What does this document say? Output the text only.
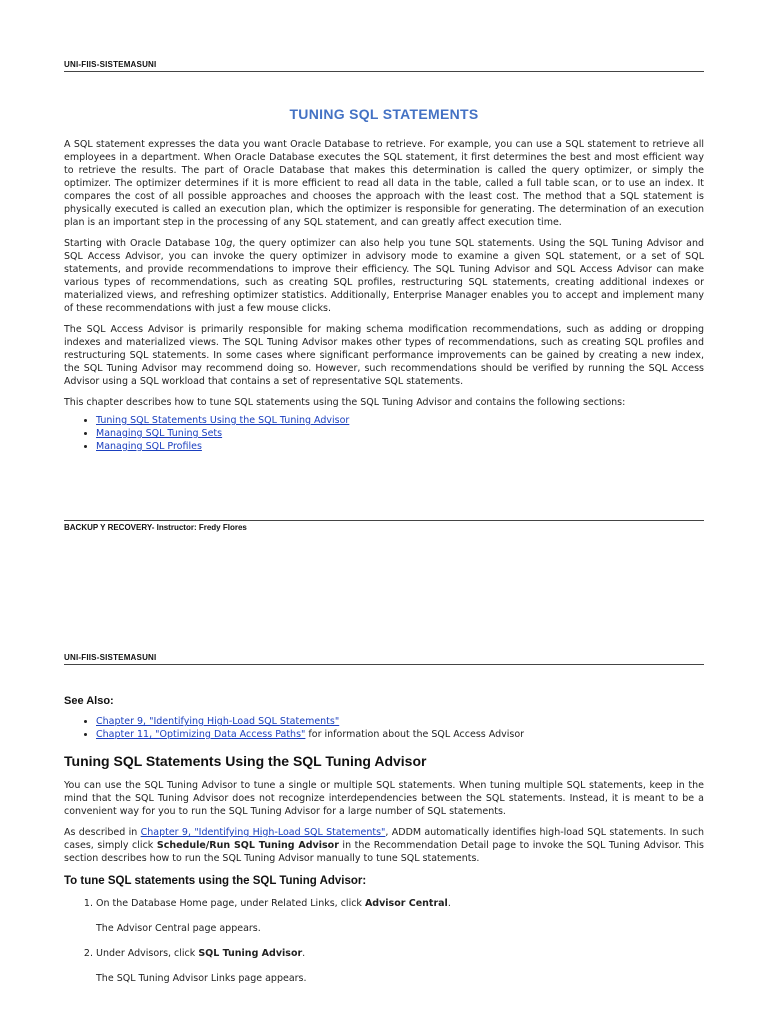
UNI-FIIS-SISTEMASUNI
TUNING SQL STATEMENTS

A SQL statement expresses the data you want Oracle Database to retrieve. For example, you can use a SQL statement to retrieve all employees in a department. When Oracle Database executes the SQL statement, it first determines the best and most efficient way to retrieve the results. The part of Oracle Database that makes this determination is called the query optimizer, or simply the optimizer. The optimizer determines if it is more efficient to read all data in the table, called a full table scan, or to use an index. It compares the cost of all possible approaches and chooses the approach with the least cost. The method that a SQL statement is physically executed is called an execution plan, which the optimizer is responsible for generating. The determination of an execution plan is an important step in the processing of any SQL statement, and can greatly affect execution time.

Starting with Oracle Database 10g, the query optimizer can also help you tune SQL statements. Using the SQL Tuning Advisor and SQL Access Advisor, you can invoke the query optimizer in advisory mode to examine a given SQL statement, or a set of SQL statements, and provide recommendations to improve their efficiency. The SQL Tuning Advisor and SQL Access Advisor can make various types of recommendations, such as creating SQL profiles, restructuring SQL statements, creating additional indexes or materialized views, and refreshing optimizer statistics. Additionally, Enterprise Manager enables you to accept and implement many of these recommendations with just a few mouse clicks.

The SQL Access Advisor is primarily responsible for making schema modification recommendations, such as adding or dropping indexes and materialized views. The SQL Tuning Advisor makes other types of recommendations, such as creating SQL profiles and restructuring SQL statements. In some cases where significant performance improvements can be gained by creating a new index, the SQL Tuning Advisor may recommend doing so. However, such recommendations should be verified by running the SQL Access Advisor using a SQL workload that contains a set of representative SQL statements.

This chapter describes how to tune SQL statements using the SQL Tuning Advisor and contains the following sections:

• Tuning SQL Statements Using the SQL Tuning Advisor
• Managing SQL Tuning Sets
• Managing SQL Profiles
BACKUP Y RECOVERY- Instructor: Fredy Flores
UNI-FIIS-SISTEMASUNI
See Also:
• Chapter 9, "Identifying High-Load SQL Statements"
• Chapter 11, "Optimizing Data Access Paths" for information about the SQL Access Advisor
Tuning SQL Statements Using the SQL Tuning Advisor

You can use the SQL Tuning Advisor to tune a single or multiple SQL statements. When tuning multiple SQL statements, keep in the mind that the SQL Tuning Advisor does not recognize interdependencies between the SQL statements. Instead, it is meant to be a convenient way for you to run the SQL Tuning Advisor for a large number of SQL statements.

As described in Chapter 9, "Identifying High-Load SQL Statements", ADDM automatically identifies high-load SQL statements. In such cases, simply click Schedule/Run SQL Tuning Advisor in the Recommendation Detail page to invoke the SQL Tuning Advisor. This section describes how to run the SQL Tuning Advisor manually to tune SQL statements.

To tune SQL statements using the SQL Tuning Advisor:
1. On the Database Home page, under Related Links, click Advisor Central.

The Advisor Central page appears.

2. Under Advisors, click SQL Tuning Advisor.

The SQL Tuning Advisor Links page appears.
